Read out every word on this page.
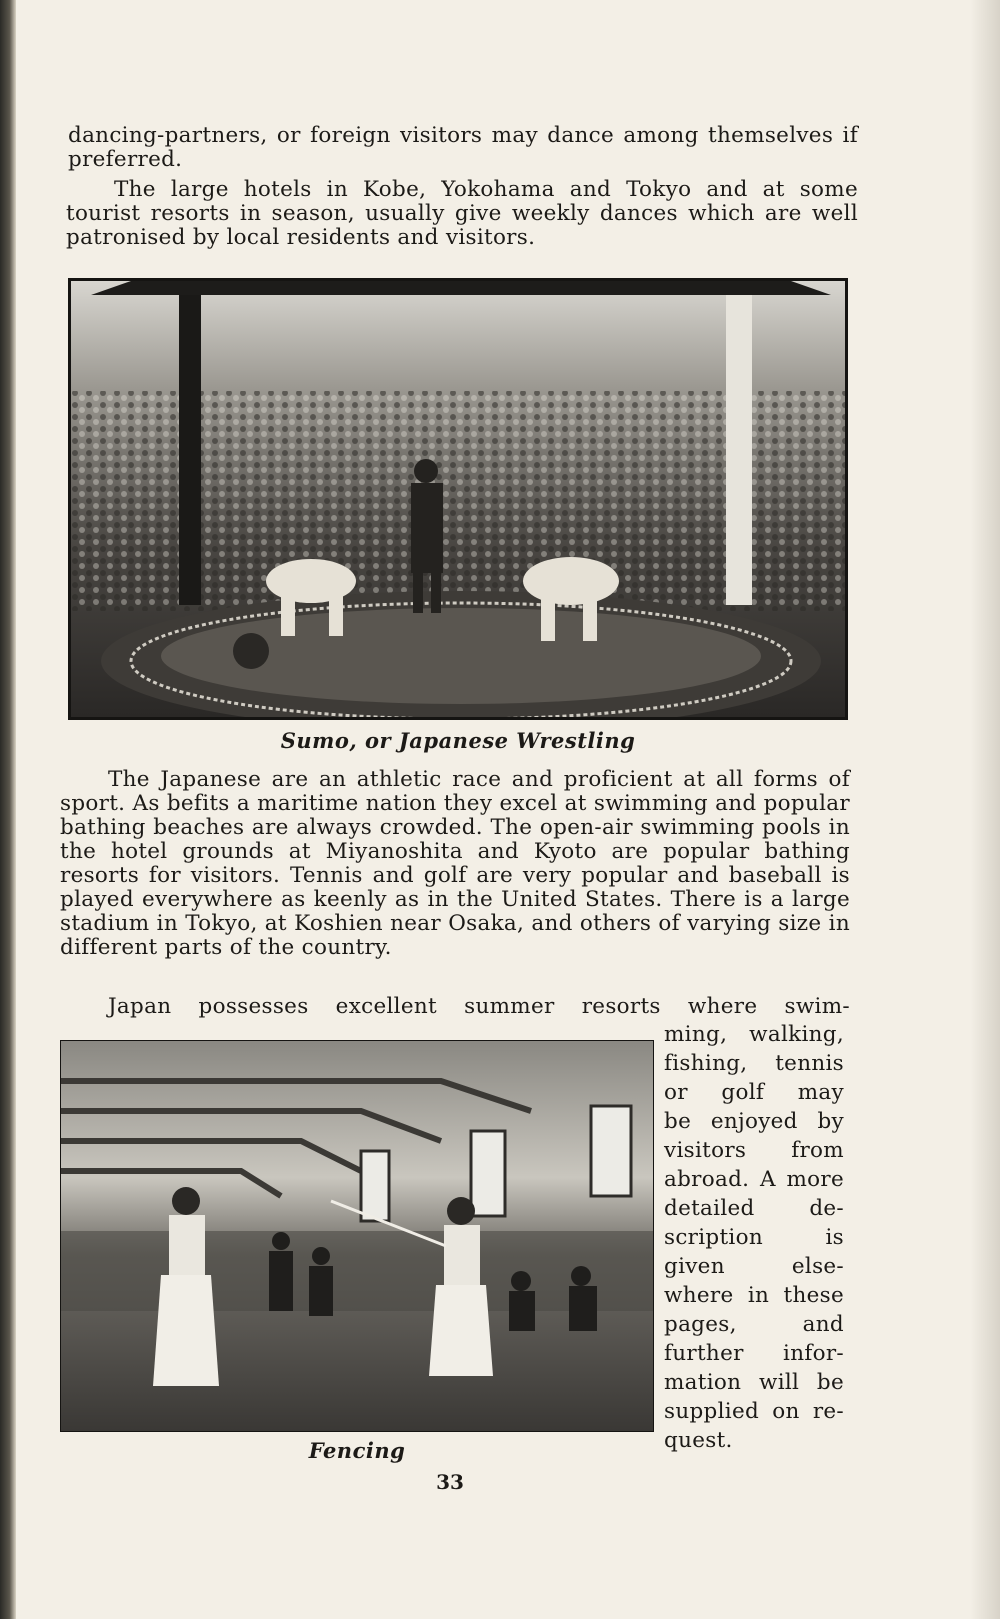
dancing-partners, or foreign visitors may dance among themselves if preferred.

The large hotels in Kobe, Yokohama and Tokyo and at some tourist resorts in season, usually give weekly dances which are well patronised by local residents and visitors.

Sumo, or Japanese Wrestling

The Japanese are an athletic race and proficient at all forms of sport. As befits a maritime nation they excel at swimming and popular bathing beaches are always crowded. The open-air swimming pools in the hotel grounds at Miyanoshita and Kyoto are popular bathing resorts for visitors. Tennis and golf are very popular and baseball is played everywhere as keenly as in the United States. There is a large stadium in Tokyo, at Koshien near Osaka, and others of varying size in different parts of the country.

Japan possesses excellent summer resorts where swim-

Fencing

ming, walking,
fishing, tennis
or golf may
be enjoyed by
visitors from
abroad. A more
detailed de-
scription is
given else-
where in these
pages, and
further infor-
mation will be
supplied on re-
quest.
33
